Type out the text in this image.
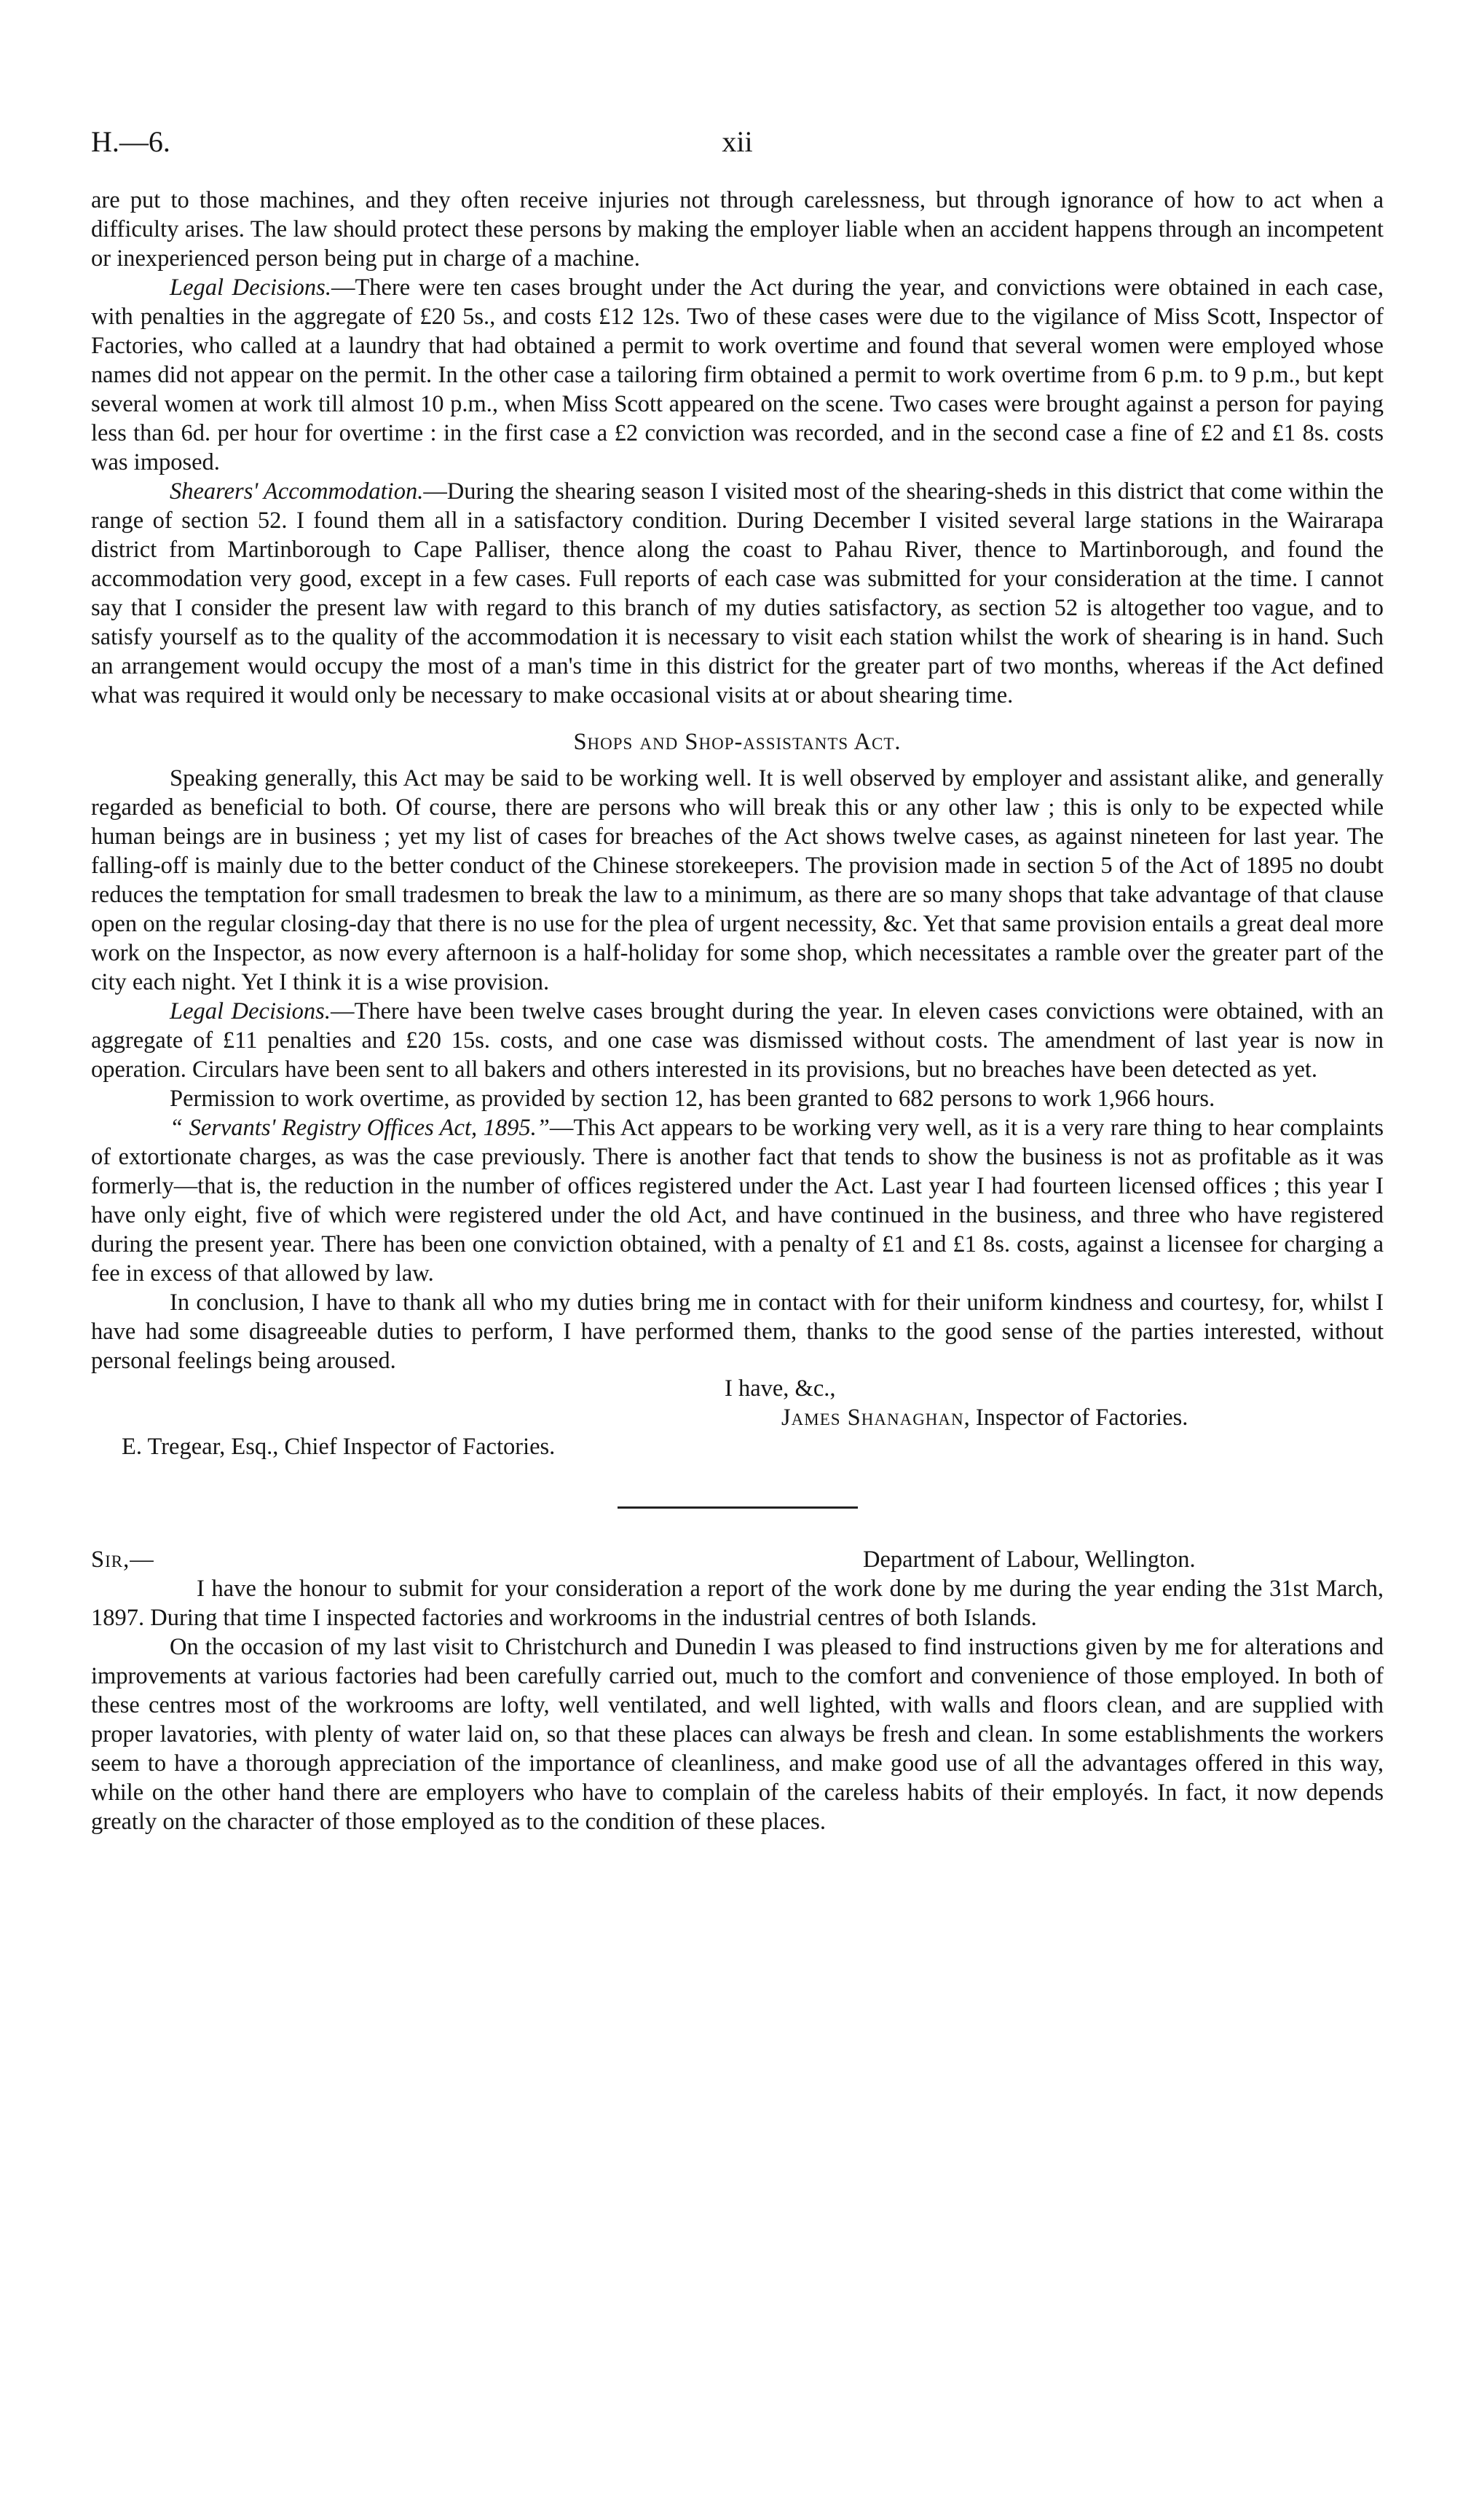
H.—6.	xii

are put to those machines, and they often receive injuries not through carelessness, but through ignorance of how to act when a difficulty arises. The law should protect these persons by making the employer liable when an accident happens through an incompetent or inexperienced person being put in charge of a machine.

Legal Decisions.—There were ten cases brought under the Act during the year, and convictions were obtained in each case, with penalties in the aggregate of £20 5s., and costs £12 12s. Two of these cases were due to the vigilance of Miss Scott, Inspector of Factories, who called at a laundry that had obtained a permit to work overtime and found that several women were employed whose names did not appear on the permit. In the other case a tailoring firm obtained a permit to work overtime from 6 p.m. to 9 p.m., but kept several women at work till almost 10 p.m., when Miss Scott appeared on the scene. Two cases were brought against a person for paying less than 6d. per hour for overtime : in the first case a £2 conviction was recorded, and in the second case a fine of £2 and £1 8s. costs was imposed.

Shearers' Accommodation.—During the shearing season I visited most of the shearing-sheds in this district that come within the range of section 52. I found them all in a satisfactory condition. During December I visited several large stations in the Wairarapa district from Martinborough to Cape Palliser, thence along the coast to Pahau River, thence to Martinborough, and found the accommodation very good, except in a few cases. Full reports of each case was submitted for your consideration at the time. I cannot say that I consider the present law with regard to this branch of my duties satisfactory, as section 52 is altogether too vague, and to satisfy yourself as to the quality of the accommodation it is necessary to visit each station whilst the work of shearing is in hand. Such an arrangement would occupy the most of a man's time in this district for the greater part of two months, whereas if the Act defined what was required it would only be necessary to make occasional visits at or about shearing time.

Shops and Shop-assistants Act.

Speaking generally, this Act may be said to be working well. It is well observed by employer and assistant alike, and generally regarded as beneficial to both. Of course, there are persons who will break this or any other law ; this is only to be expected while human beings are in business ; yet my list of cases for breaches of the Act shows twelve cases, as against nineteen for last year. The falling-off is mainly due to the better conduct of the Chinese storekeepers. The provision made in section 5 of the Act of 1895 no doubt reduces the temptation for small tradesmen to break the law to a minimum, as there are so many shops that take advantage of that clause open on the regular closing-day that there is no use for the plea of urgent necessity, &c. Yet that same provision entails a great deal more work on the Inspector, as now every afternoon is a half-holiday for some shop, which necessitates a ramble over the greater part of the city each night. Yet I think it is a wise provision.

Legal Decisions.—There have been twelve cases brought during the year. In eleven cases convictions were obtained, with an aggregate of £11 penalties and £20 15s. costs, and one case was dismissed without costs. The amendment of last year is now in operation. Circulars have been sent to all bakers and others interested in its provisions, but no breaches have been detected as yet.

Permission to work overtime, as provided by section 12, has been granted to 682 persons to work 1,966 hours.

“ Servants' Registry Offices Act, 1895.”—This Act appears to be working very well, as it is a very rare thing to hear complaints of extortionate charges, as was the case previously. There is another fact that tends to show the business is not as profitable as it was formerly—that is, the reduction in the number of offices registered under the Act. Last year I had fourteen licensed offices ; this year I have only eight, five of which were registered under the old Act, and have continued in the business, and three who have registered during the present year. There has been one conviction obtained, with a penalty of £1 and £1 8s. costs, against a licensee for charging a fee in excess of that allowed by law.

In conclusion, I have to thank all who my duties bring me in contact with for their uniform kindness and courtesy, for, whilst I have had some disagreeable duties to perform, I have performed them, thanks to the good sense of the parties interested, without personal feelings being aroused.

I have, &c.,
James Shanaghan, Inspector of Factories.
E. Tregear, Esq., Chief Inspector of Factories.
Sir,—	Department of Labour, Wellington.

I have the honour to submit for your consideration a report of the work done by me during the year ending the 31st March, 1897. During that time I inspected factories and workrooms in the industrial centres of both Islands.

On the occasion of my last visit to Christchurch and Dunedin I was pleased to find instructions given by me for alterations and improvements at various factories had been carefully carried out, much to the comfort and convenience of those employed. In both of these centres most of the workrooms are lofty, well ventilated, and well lighted, with walls and floors clean, and are supplied with proper lavatories, with plenty of water laid on, so that these places can always be fresh and clean. In some establishments the workers seem to have a thorough appreciation of the importance of cleanliness, and make good use of all the advantages offered in this way, while on the other hand there are employers who have to complain of the careless habits of their employés. In fact, it now depends greatly on the character of those employed as to the condition of these places.
